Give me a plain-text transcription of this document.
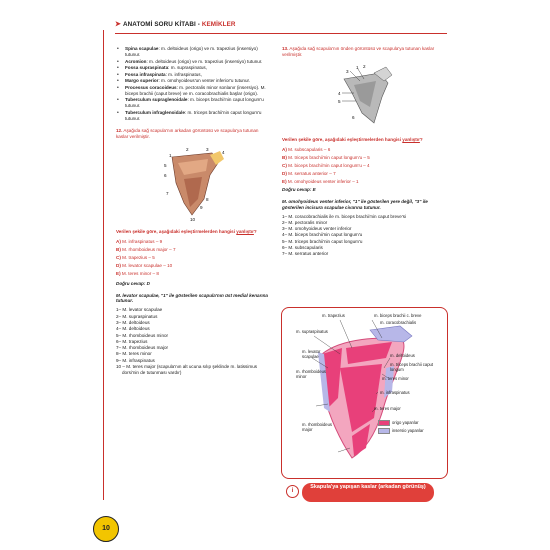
➤ ANATOMİ SORU KİTABI - KEMİKLER
• Spina scapulae: m. deltoideus (origo) ve m. trapezius (insersiyo) tutunur.
• Acromion: m. deltoideus (origo) ve m. trapezius (insersiyo) tutunur.
• Fossa supraspinata: m. supraspinatus,
• Fossa infraspinata: m. infraspinatus,
• Margo superior: m. omohyoideus'un venter inferior'u tutunur.
• Processus coracoideus: m. pectoralis minor sonlanır (insersiyo). M. biceps brachii (caput breve) ve m. coracobrachialis başlar (origo).
• Tuberculum supraglenoidale: m. biceps brachii'nin caput longum'u tutunur.
• Tuberculum infraglenoidale: m. triceps brachii'nin caput longum'u tutunur.
12. Aşağıda sağ scapula'nın arkadan görüntüsü ve scapula'ya tutunan kaslar verilmiştir.
1
2	3
4
5
6
7
8
9
10
Verilen şekile göre, aşağıdaki eşleştirmelerden hangisi yanlıştır?
A) M. infraspinatus – 9
B) M. rhomboideus major – 7
C) M. trapezius – 5
D) M. levator scapulae – 10
E) M. teres minor – 8
Doğru cevap: D
M. levator scapulae, "1" ile gösterilen scapula'nın üst medial kenarına tutunur.
1– M. levator scapulae
2– M. supraspinatus
3– M. deltoideus
4– M. deltoideus
5– M. rhomboideus minor
6– M. trapezius
7– M. rhomboideus major
8– M. teres minor
9– M. infraspinatus
10 – M. teres major (scapula'nın alt ucuna sılıp şeklinde m. latissimus dorsi'nin de tutunması vardır)
13. Aşağıda sağ scapula'nın önden görüntüsü ve scapula'ya tutunan kaslar verilmiştir.
1 2
3
4
5
6
Verilen şekile göre, aşağıdaki eşleştirmelerden hangisi yanlıştır?
A) M. subscapularis – 6
B) M. triceps brachii'nin caput longum'u – 5
C) M. biceps brachii'nin caput longum'u – 4
D) M. serratus anterior – 7
E) M. omohyoideus venter inferior – 1
Doğru cevap: E
M. omohyoideus venter inferior, "1" ile gösterilen yere değil, "3" ile gösterilen incisura scapulae civarına tutunur.
1– M. coracobrachialis ile m. biceps brachii'nin caput breve'si
2– M. pectoralis minor
3– M. omohyoideus venter inferior
4– M. biceps brachii'nin caput longum'u
5– M. triceps brachii'nin caput longum'u
6– M. subscapularis
7– M. serratus anterior
m. trapezius	m. biceps brachii c. breve
m. coracobrachialis
m. supraspinatus
m. levator scapulae	m. deltoideus
m. triceps brachii caput longum
m. rhomboideus minor	m. teres minor
m. infraspinatus
m. teres major
m. rhomboideus major
origo yapanlar
insersio yapanlar
i
Skapula'ya yapışan kaslar (arkadan görünüş)
10
